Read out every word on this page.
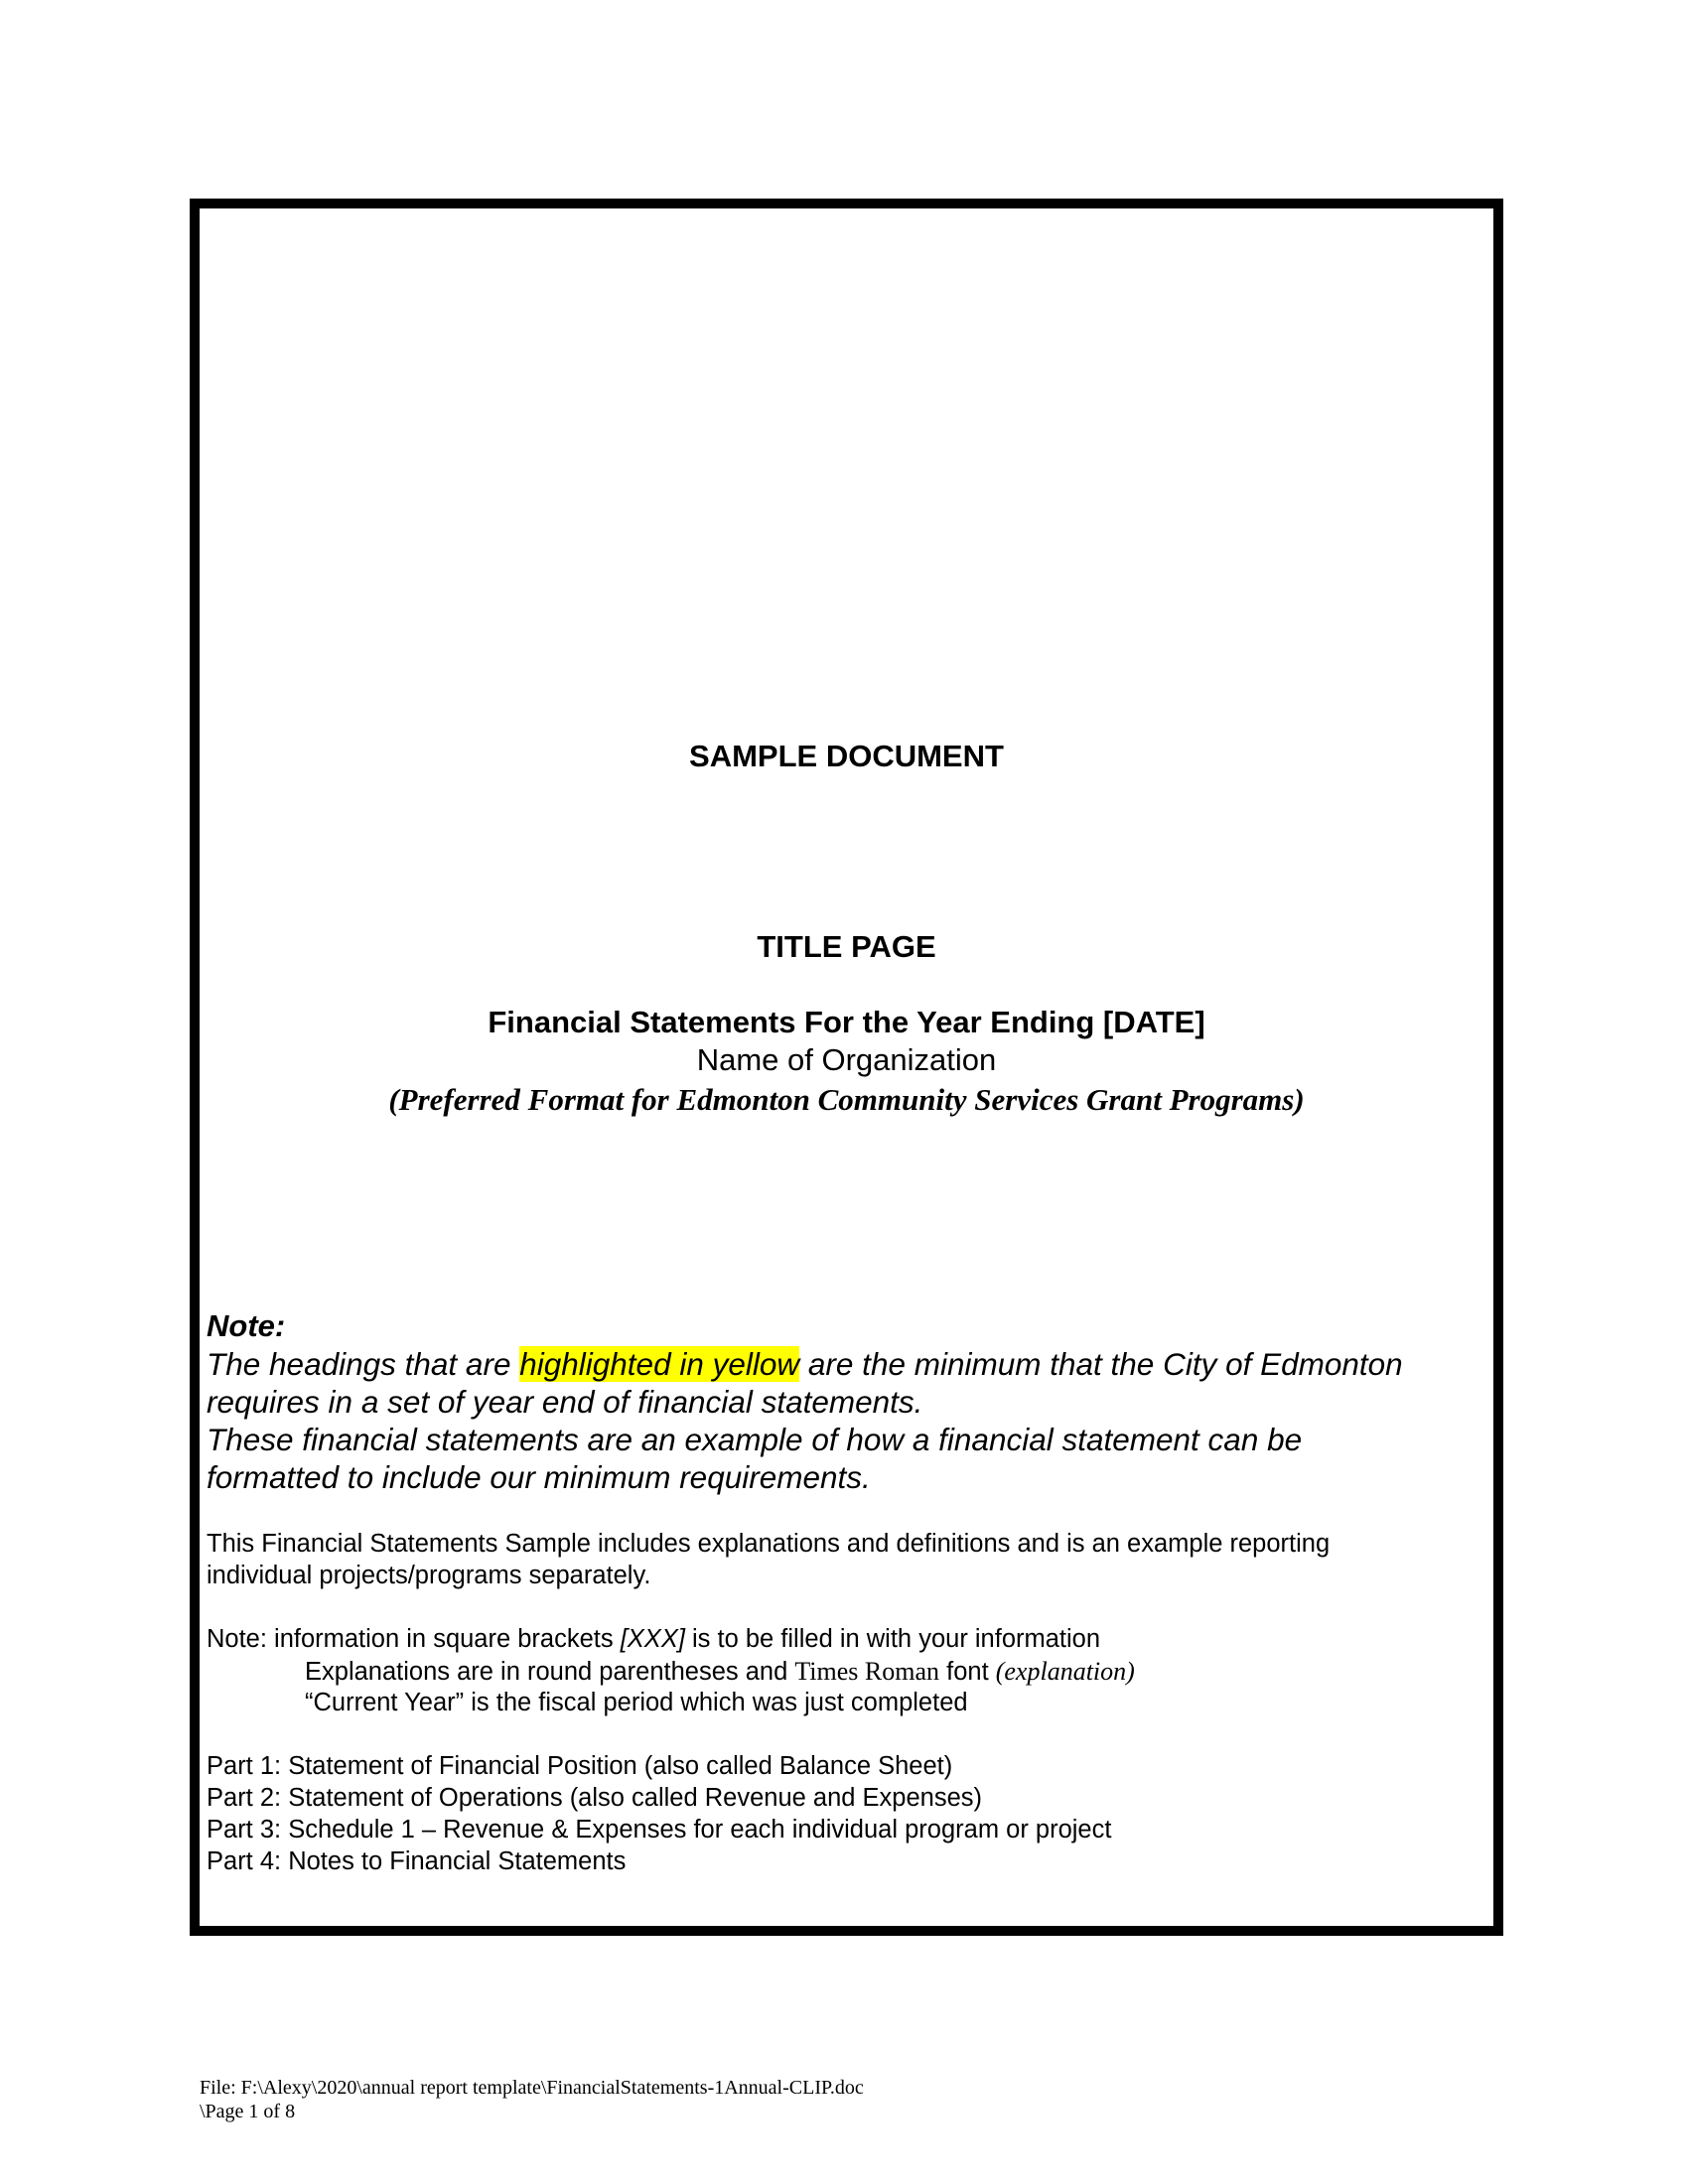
SAMPLE DOCUMENT

TITLE PAGE

Financial Statements For the Year Ending [DATE]

Name of Organization

(Preferred Format for Edmonton Community Services Grant Programs)

Note:

The headings that are highlighted in yellow are the minimum that the City of Edmonton

requires in a set of year end of financial statements.

These financial statements are an example of how a financial statement can be

formatted to include our minimum requirements.

This Financial Statements Sample includes explanations and definitions and is an example reporting

individual projects/programs separately.

Note: information in square brackets [XXX] is to be filled in with your information

Explanations are in round parentheses and Times Roman font (explanation)

“Current Year” is the fiscal period which was just completed

Part 1: Statement of Financial Position (also called Balance Sheet)

Part 2: Statement of Operations (also called Revenue and Expenses)

Part 3: Schedule 1 – Revenue & Expenses for each individual program or project

Part 4: Notes to Financial Statements

File: F:\Alexy\2020\annual report template\FinancialStatements-1Annual-CLIP.doc

\Page 1 of 8
